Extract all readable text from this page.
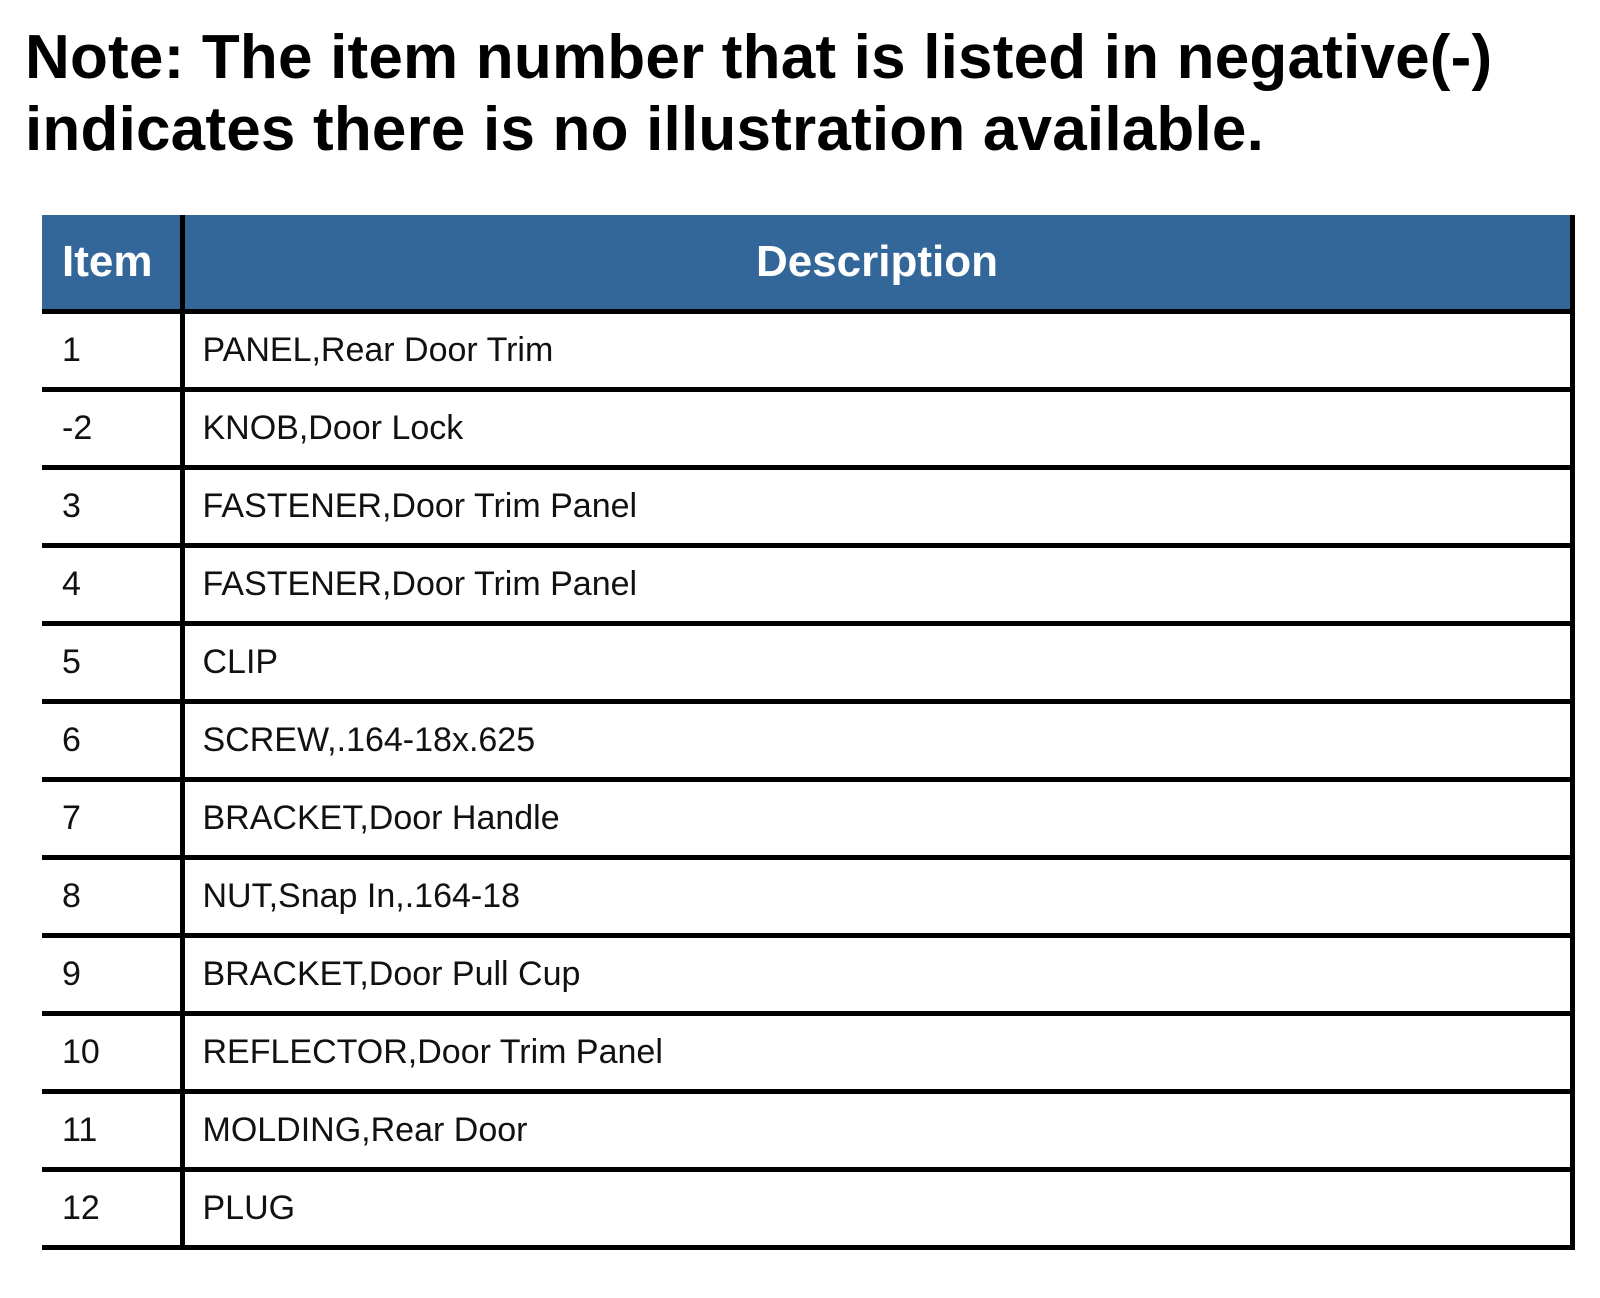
Note: The item number that is listed in negative(-)
indicates there is no illustration available.
Item	Description
1	PANEL,Rear Door Trim
-2	KNOB,Door Lock
3	FASTENER,Door Trim Panel
4	FASTENER,Door Trim Panel
5	CLIP
6	SCREW,.164-18x.625
7	BRACKET,Door Handle
8	NUT,Snap In,.164-18
9	BRACKET,Door Pull Cup
10	REFLECTOR,Door Trim Panel
11	MOLDING,Rear Door
12	PLUG
